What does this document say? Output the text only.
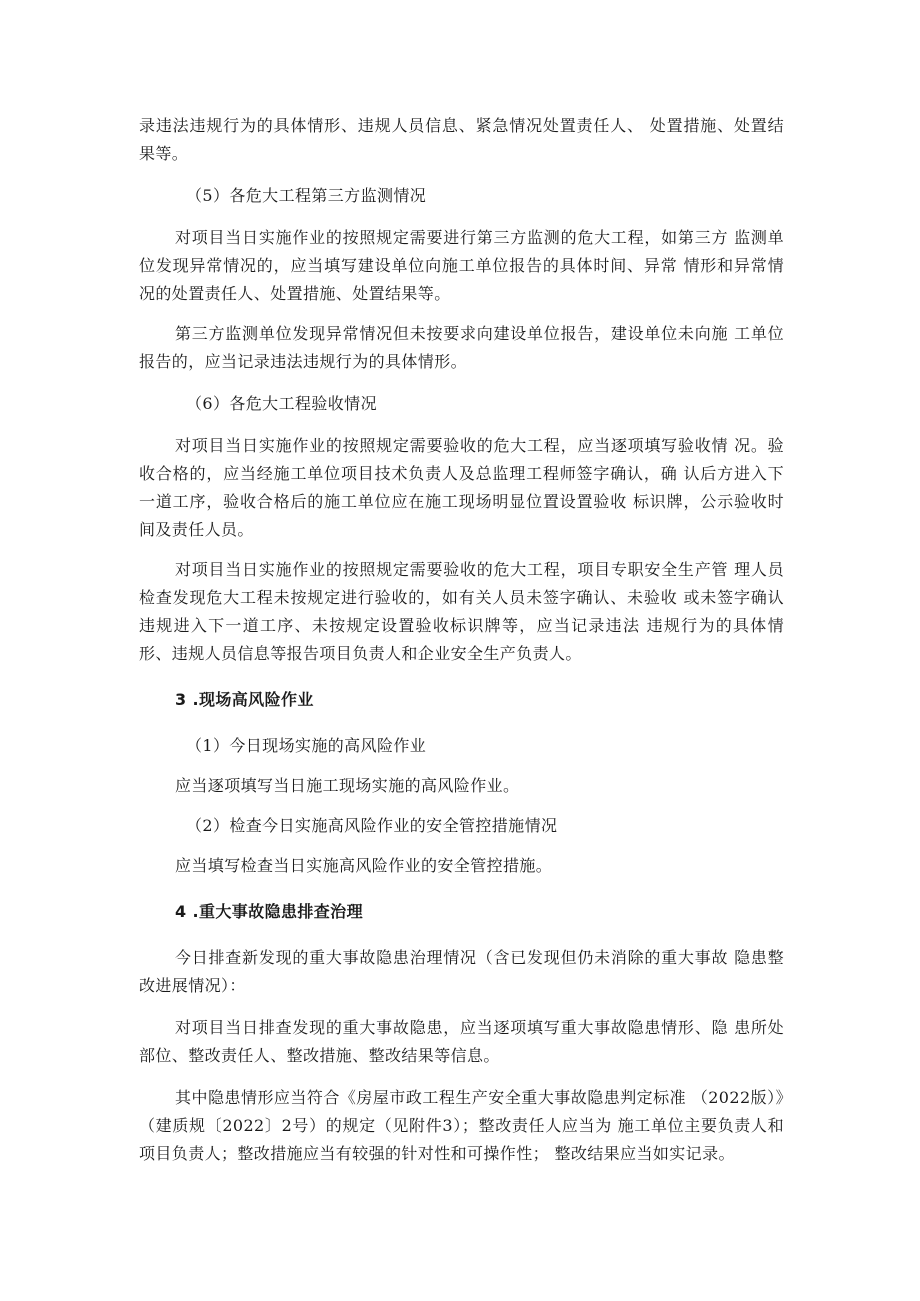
录违法违规行为的具体情形、违规人员信息、紧急情况处置责任人、 处置措施、处置结果等。

（5）各危大工程第三方监测情况

对项目当日实施作业的按照规定需要进行第三方监测的危大工程，如第三方 监测单位发现异常情况的，应当填写建设单位向施工单位报告的具体时间、异常 情形和异常情况的处置责任人、处置措施、处置结果等。

第三方监测单位发现异常情况但未按要求向建设单位报告，建设单位未向施 工单位报告的，应当记录违法违规行为的具体情形。

（6）各危大工程验收情况

对项目当日实施作业的按照规定需要验收的危大工程，应当逐项填写验收情 况。验收合格的，应当经施工单位项目技术负责人及总监理工程师签字确认，确 认后方进入下一道工序，验收合格后的施工单位应在施工现场明显位置设置验收 标识牌，公示验收时间及责任人员。

对项目当日实施作业的按照规定需要验收的危大工程，项目专职安全生产管 理人员检查发现危大工程未按规定进行验收的，如有关人员未签字确认、未验收 或未签字确认违规进入下一道工序、未按规定设置验收标识牌等，应当记录违法 违规行为的具体情形、违规人员信息等报告项目负责人和企业安全生产负责人。

3 .现场高风险作业

（1）今日现场实施的高风险作业

应当逐项填写当日施工现场实施的高风险作业。

（2）检查今日实施高风险作业的安全管控措施情况

应当填写检查当日实施高风险作业的安全管控措施。

4 .重大事故隐患排查治理

今日排查新发现的重大事故隐患治理情况（含已发现但仍未消除的重大事故 隐患整改进展情况）：

对项目当日排查发现的重大事故隐患，应当逐项填写重大事故隐患情形、隐 患所处部位、整改责任人、整改措施、整改结果等信息。

其中隐患情形应当符合《房屋市政工程生产安全重大事故隐患判定标准 （2022版）》（建质规〔2022〕2号）的规定（见附件3）；整改责任人应当为 施工单位主要负责人和项目负责人；整改措施应当有较强的针对性和可操作性； 整改结果应当如实记录。
